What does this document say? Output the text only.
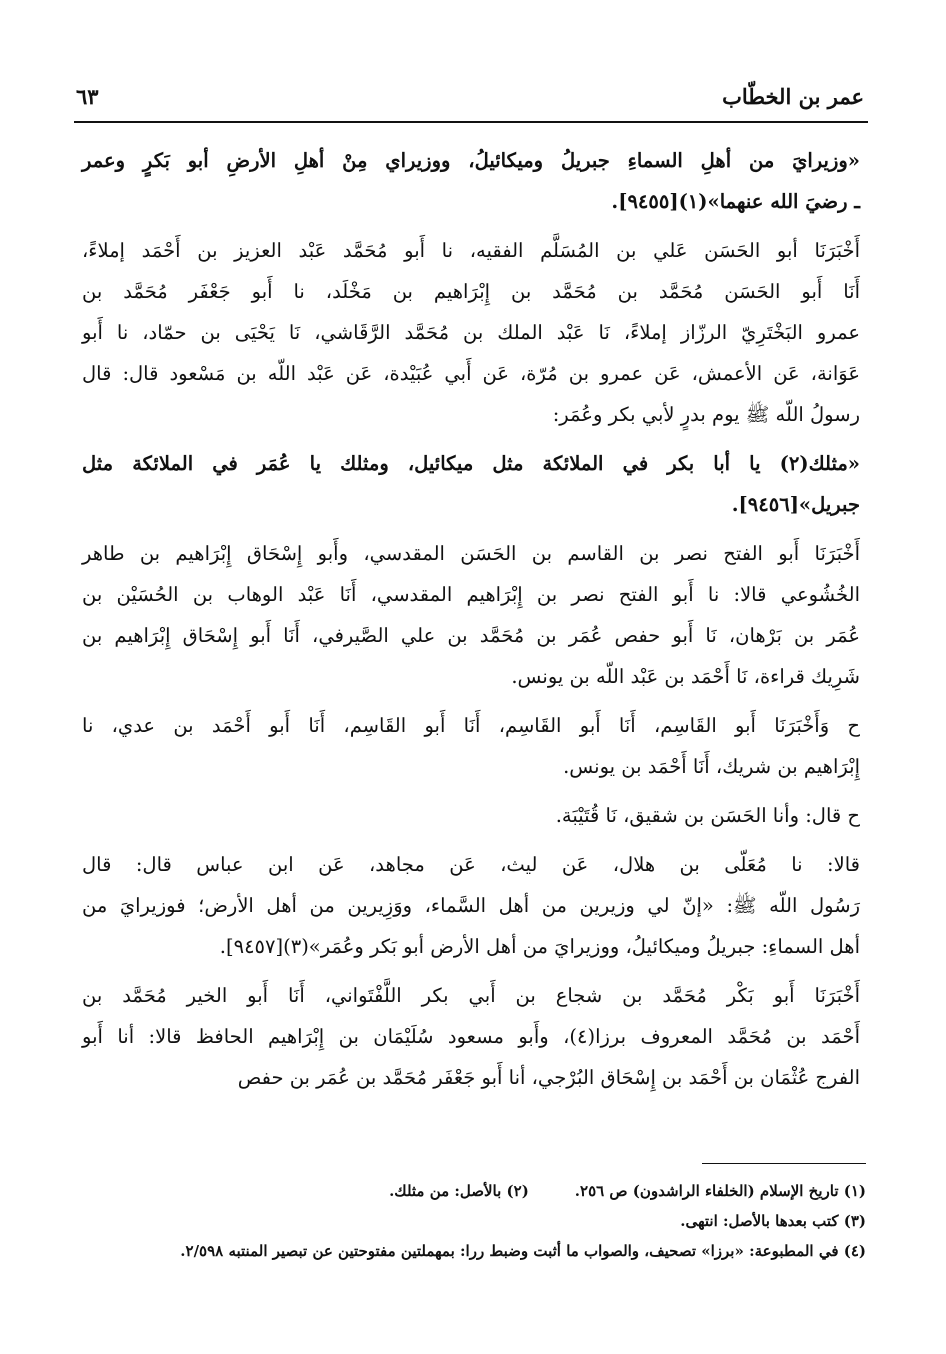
عمر بن الخطّاب
٦٣
«وزيرايَ من أهلِ السماءِ جبريلُ وميكائيلُ، ووزيراي مِنْ أهلِ الأرضِ أبو بَكرٍ وعمر
ـ رضيَ الله عنهما»(١)[٩٤٥٥].
أَخْبَرَنَا أبو الحَسَن عَلي بن المُسَلَّم الفقيه، نا أَبو مُحَمَّد عَبْد العزيز بن أَحْمَد إملاءً،
أَنَا أَبو الحَسَن مُحَمَّد بن مُحَمَّد بن إِبْرَاهيم بن مَخْلَد، نا أَبو جَعْفَر مُحَمَّد بن
عمرو البَخْتَرِيّ الرزّاز إملاءً، نَا عَبْد الملك بن مُحَمَّد الرَّقَاشي، نَا يَحْيَى بن حمّاد، نا أَبو
عَوَانة، عَن الأعمش، عَن عمرو بن مُرّة، عَن أَبي عُبَيْدة، عَن عَبْد اللّه بن مَسْعود قال: قال
رسولُ اللّه ﷺ يوم بدرٍ لأبي بكر وعُمَر:
«مثلك(٢) يا أبا بكر في الملائكة مثل ميكائيل، ومثلك يا عُمَر في الملائكة مثل
جبريل»[٩٤٥٦].
أَخْبَرَنَا أَبو الفتح نصر بن القاسم بن الحَسَن المقدسي، وأَبو إِسْحَاق إِبْرَاهيم بن طاهر
الخُشُوعي قالا: نا أَبو الفتح نصر بن إِبْرَاهيم المقدسي، أَنَا عَبْد الوهاب بن الحُسَيْن بن
عُمَر بن بَرْهان، نَا أَبو حفص عُمَر بن مُحَمَّد بن علي الصَّيرفي، أَنَا أَبو إِسْحَاق إِبْرَاهيم بن
شَرِيك قراءة، نَا أَحْمَد بن عَبْد اللّه بن يونس.
ح وَأَخْبَرَنَا أَبو القَاسِم، أَنَا أَبو القَاسِم، أَنَا أَبو القَاسِم، أَنَا أَبو أَحْمَد بن عدي، نا
إِبْرَاهيم بن شريك، أَنَا أَحْمَد بن يونس.
ح قال: وأنا الحَسَن بن شقيق، نَا قُتَيْبَة.
قالا: نا مُعَلّى بن هلال، عَن ليث، عَن مجاهد، عَن ابن عباس قال: قال
رَسُول اللّه ﷺ: «إنّ لي وزيرين من أهل السَّماء، ووَزِيرين من أهل الأرض؛ فوزيرايَ من
أهل السماءِ: جبريلُ وميكائيلُ، ووزيرايَ من أهل الأرض أبو بَكر وعُمَر»(٣)[٩٤٥٧].
أَخْبَرَنَا أَبو بَكْر مُحَمَّد بن شجاع بن أَبي بكر اللَّفْتَواني، أَنَا أَبو الخير مُحَمَّد بن
أَحْمَد بن مُحَمَّد المعروف برزا(٤)، وأَبو مسعود سُلَيْمَان بن إِبْرَاهيم الحافظ قالا: أنا أَبو
الفرج عُثْمَان بن أَحْمَد بن إِسْحَاق البُرْجي، أنا أَبو جَعْفَر مُحَمَّد بن عُمَر بن حفص
(١) تاريخ الإسلام (الخلفاء الراشدون) ص ٢٥٦.(٢) بالأصل: من مثلك.
(٣) كتب بعدها بالأصل: انتهى.
(٤) في المطبوعة: «برزا» تصحيف، والصواب ما أثبت وضبط ررا: بمهملتين مفتوحتين عن تبصير المنتبه ٢/٥٩٨.
